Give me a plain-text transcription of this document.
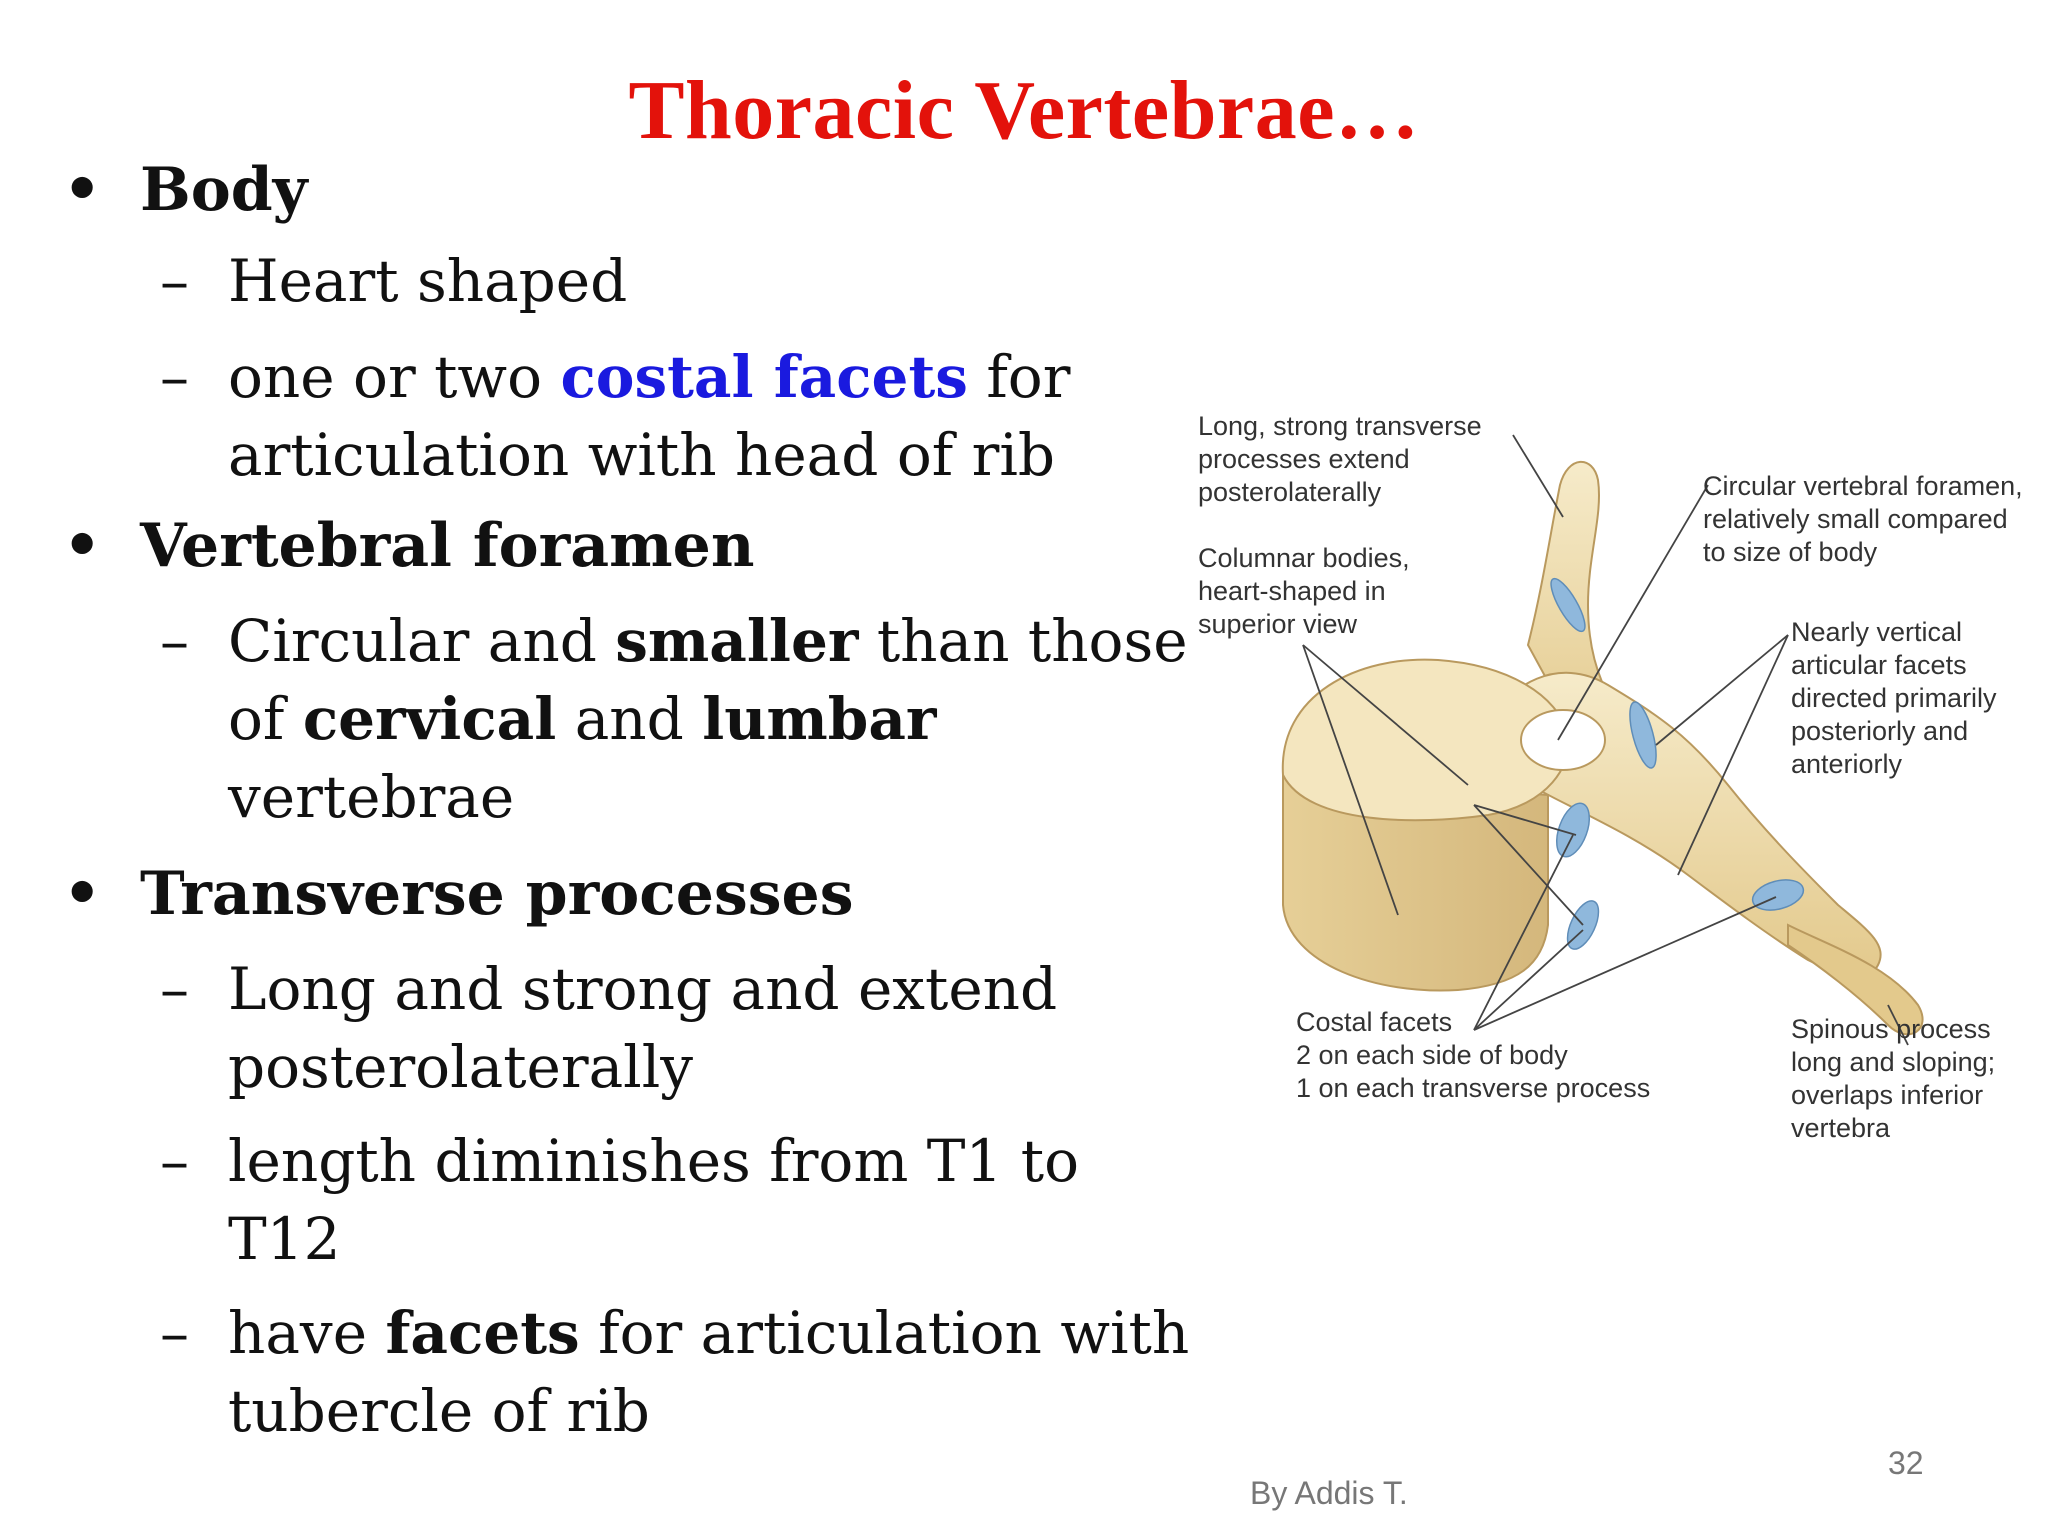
Thoracic Vertebrae…
• Body
– Heart shaped
– one or two costal facets for
articulation with head of rib
• Vertebral foramen
– Circular and smaller than those
of cervical and lumbar vertebrae
• Transverse processes
– Long and strong and extend
posterolaterally
– length diminishes from T1 to
T12
– have facets for articulation with
tubercle of rib
Long, strong transverse processes extend posterolaterally
Columnar bodies, heart-shaped in superior view
Circular vertebral foramen, relatively small compared to size of body
Nearly vertical articular facets directed primarily posteriorly and anteriorly
Costal facets 2 on each side of body 1 on each transverse process
Spinous process long and sloping; overlaps inferior vertebra
By Addis T.
32
